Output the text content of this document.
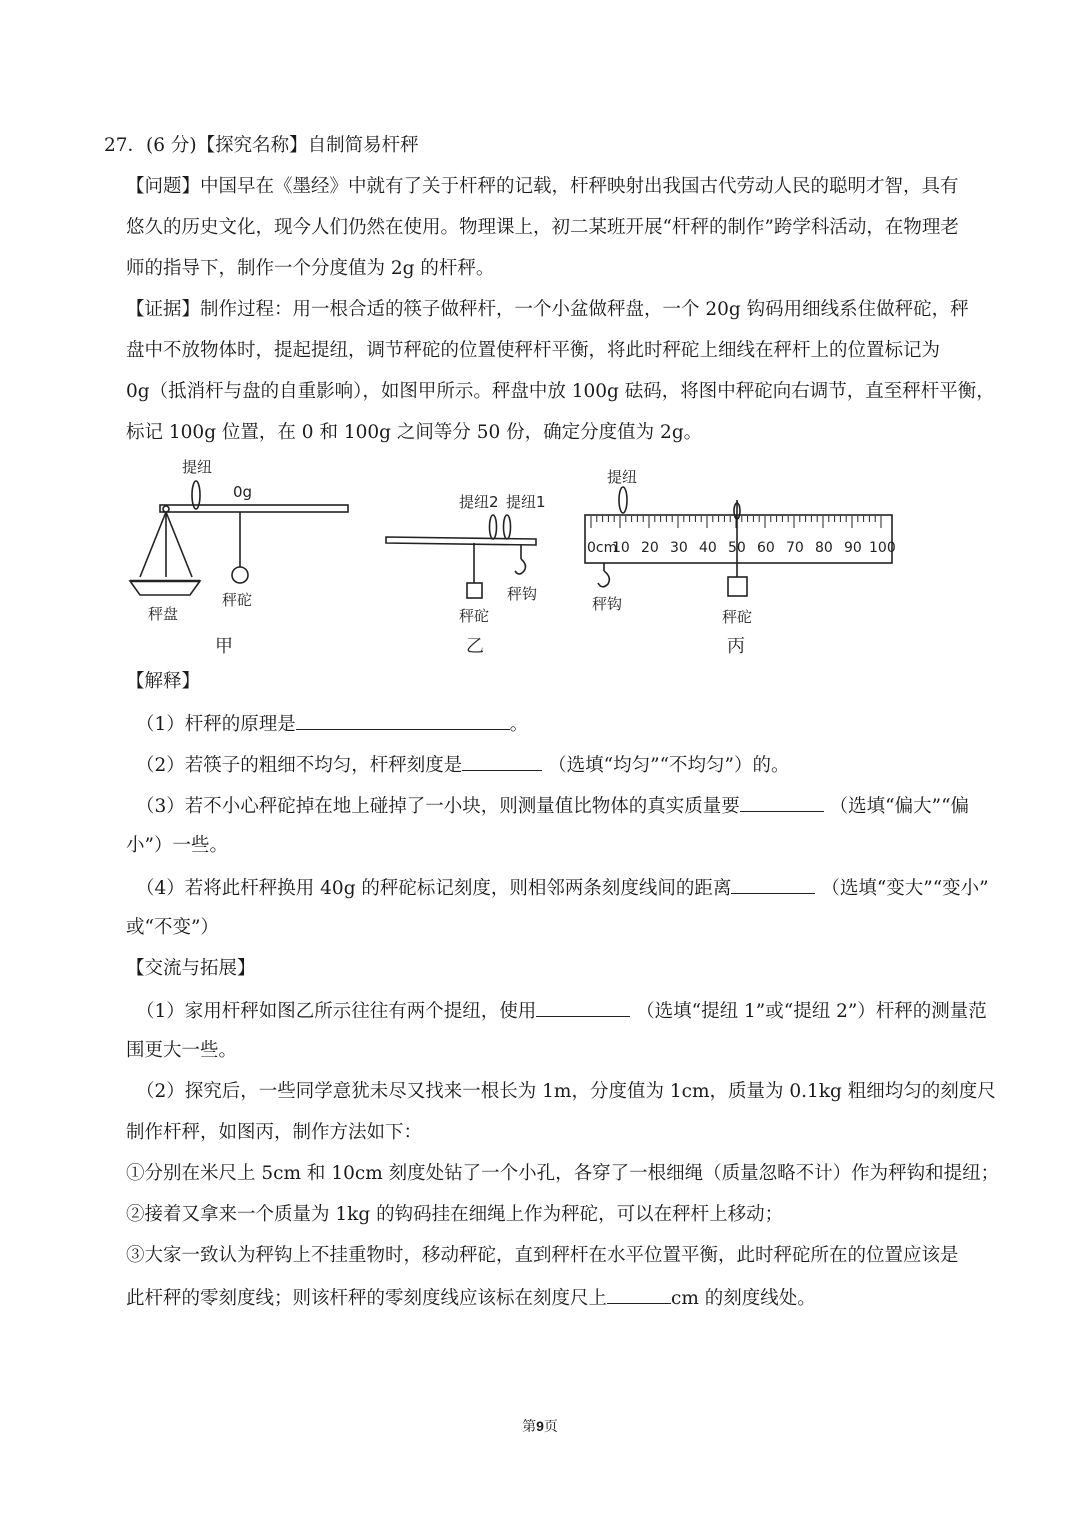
27．(6 分)【探究名称】自制简易杆秤
【问题】中国早在《墨经》中就有了关于杆秤的记载，杆秤映射出我国古代劳动人民的聪明才智，具有
悠久的历史文化，现今人们仍然在使用。物理课上，初二某班开展“杆秤的制作”跨学科活动，在物理老
师的指导下，制作一个分度值为 2g 的杆秤。
【证据】制作过程：用一根合适的筷子做秤杆，一个小盆做秤盘，一个 20g 钩码用细线系住做秤砣，秤
盘中不放物体时，提起提纽，调节秤砣的位置使秤杆平衡，将此时秤砣上细线在秤杆上的位置标记为
0g（抵消杆与盘的自重影响），如图甲所示。秤盘中放 100g 砝码，将图中秤砣向右调节，直至秤杆平衡，
标记 100g 位置，在 0 和 100g 之间等分 50 份，确定分度值为 2g。
提纽
0g
秤盘
秤砣
甲
提纽2 提纽1
秤砣
秤钩
乙
提纽
0cm
10 20 30 40 50 60 70 80 90 100
秤钩
秤砣
丙
【解释】
（1）杆秤的原理是	。
（2）若筷子的粗细不均匀，杆秤刻度是	（选填“均匀”“不均匀”）的。
（3）若不小心秤砣掉在地上碰掉了一小块，则测量值比物体的真实质量要	（选填“偏大”“偏
小”）一些。
（4）若将此杆秤换用 40g 的秤砣标记刻度，则相邻两条刻度线间的距离	（选填“变大”“变小”
或“不变”）
【交流与拓展】
（1）家用杆秤如图乙所示往往有两个提纽，使用	（选填“提纽 1”或“提纽 2”）杆秤的测量范
围更大一些。
（2）探究后，一些同学意犹未尽又找来一根长为 1m，分度值为 1cm，质量为 0.1kg 粗细均匀的刻度尺
制作杆秤，如图丙，制作方法如下：
①分别在米尺上 5cm 和 10cm 刻度处钻了一个小孔，各穿了一根细绳（质量忽略不计）作为秤钩和提纽；
②接着又拿来一个质量为 1kg 的钩码挂在细绳上作为秤砣，可以在秤杆上移动；
③大家一致认为秤钩上不挂重物时，移动秤砣，直到秤杆在水平位置平衡，此时秤砣所在的位置应该是
此杆秤的零刻度线；则该杆秤的零刻度线应该标在刻度尺上	cm 的刻度线处。
第9页
